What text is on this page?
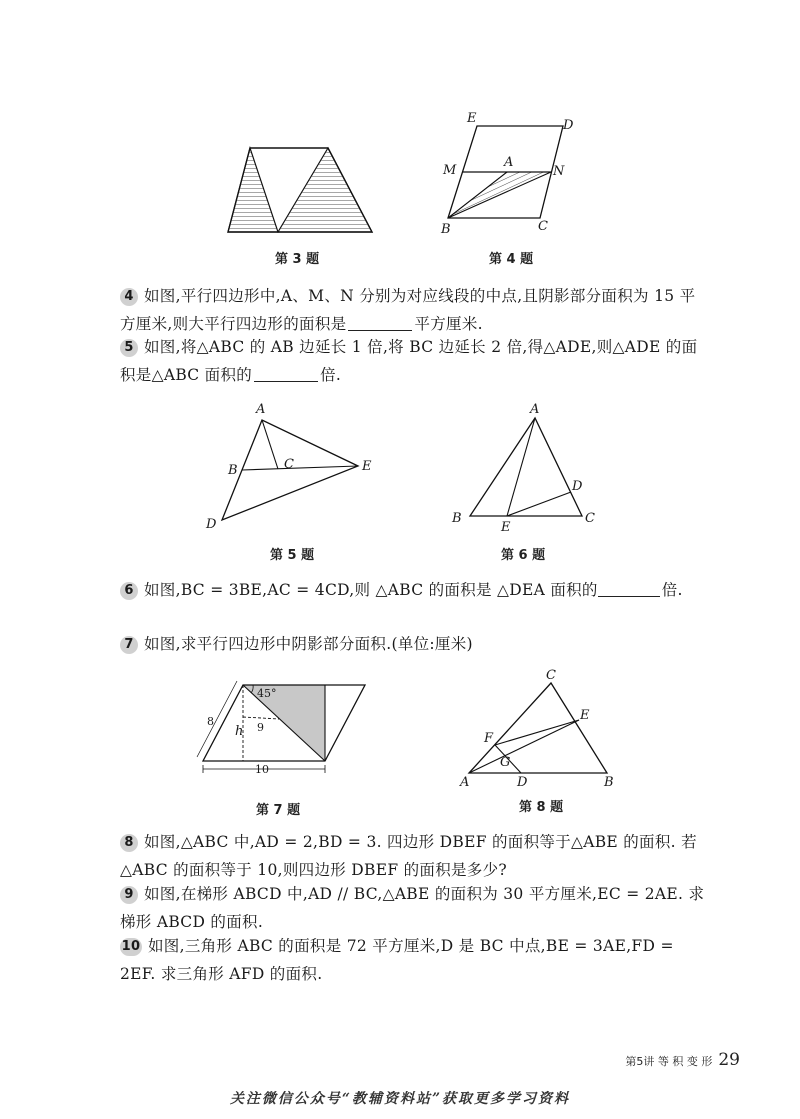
第 3 题
E	D
M
A
N
B	C
第 4 题
4 如图,平行四边形中,A、M、N 分别为对应线段的中点,且阴影部分面积为 15 平方厘米,则大平行四边形的面积是	平方厘米.
5 如图,将△ABC 的 AB 边延长 1 倍,将 BC 边延长 2 倍,得△ADE,则△ADE 的面积是△ABC 面积的	倍.
A
B	C	E
D
第 5 题
A
D
B
E
C
第 6 题
6 如图,BC = 3BE,AC = 4CD,则 △ABC 的面积是 △DEA 面积的	倍.
7 如图,求平行四边形中阴影部分面积.(单位:厘米)
45°
8
h 9
10
第 7 题
C
E
F
G
A	D	B
第 8 题
8 如图,△ABC 中,AD = 2,BD = 3. 四边形 DBEF 的面积等于△ABE 的面积. 若△ABC 的面积等于 10,则四边形 DBEF 的面积是多少?
9 如图,在梯形 ABCD 中,AD // BC,△ABE 的面积为 30 平方厘米,EC = 2AE. 求梯形 ABCD 的面积.
10 如图,三角形 ABC 的面积是 72 平方厘米,D 是 BC 中点,BE = 3AE,FD = 2EF. 求三角形 AFD 的面积.
第5讲 等 积 变 形 29
关注微信公众号“教辅资料站”获取更多学习资料
